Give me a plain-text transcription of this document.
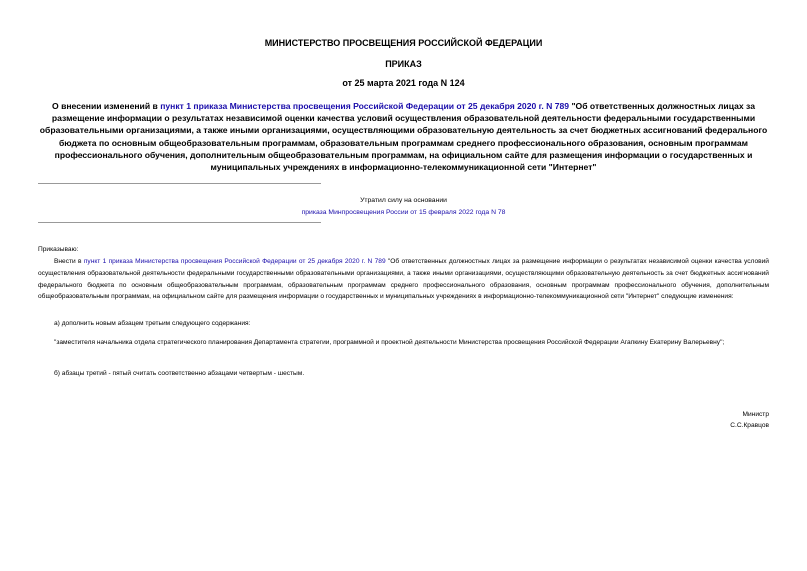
МИНИСТЕРСТВО ПРОСВЕЩЕНИЯ РОССИЙСКОЙ ФЕДЕРАЦИИ
ПРИКАЗ
от 25 марта 2021 года N 124
О внесении изменений в пункт 1 приказа Министерства просвещения Российской Федерации от 25 декабря 2020 г. N 789 "Об ответственных должностных лицах за размещение информации о результатах независимой оценки качества условий осуществления образовательной деятельности федеральными государственными образовательными организациями, а также иными организациями, осуществляющими образовательную деятельность за счет бюджетных ассигнований федерального бюджета по основным общеобразовательным программам, образовательным программам среднего профессионального образования, основным программам профессионального обучения, дополнительным общеобразовательным программам, на официальном сайте для размещения информации о государственных и муниципальных учреждениях в информационно-телекоммуникационной сети "Интернет"
Утратил силу на основании
приказа Минпросвещения России от 15 февраля 2022 года N 78
Приказываю:
Внести в пункт 1 приказа Министерства просвещения Российской Федерации от 25 декабря 2020 г. N 789 "Об ответственных должностных лицах за размещение информации о результатах независимой оценки качества условий осуществления образовательной деятельности федеральными государственными образовательными организациями, а также иными организациями, осуществляющими образовательную деятельность за счет бюджетных ассигнований федерального бюджета по основным общеобразовательным программам, образовательным программам среднего профессионального образования, основным программам профессионального обучения, дополнительным общеобразовательным программам, на официальном сайте для размещения информации о государственных и муниципальных учреждениях в информационно-телекоммуникационной сети "Интернет" следующие изменения:
а) дополнить новым абзацем третьим следующего содержания:
"заместителя начальника отдела стратегического планирования Департамента стратегии, программной и проектной деятельности Министерства просвещения Российской Федерации Агапкину Екатерину Валерьевну";
б) абзацы третий - пятый считать соответственно абзацами четвертым - шестым.
Министр
С.С.Кравцов
